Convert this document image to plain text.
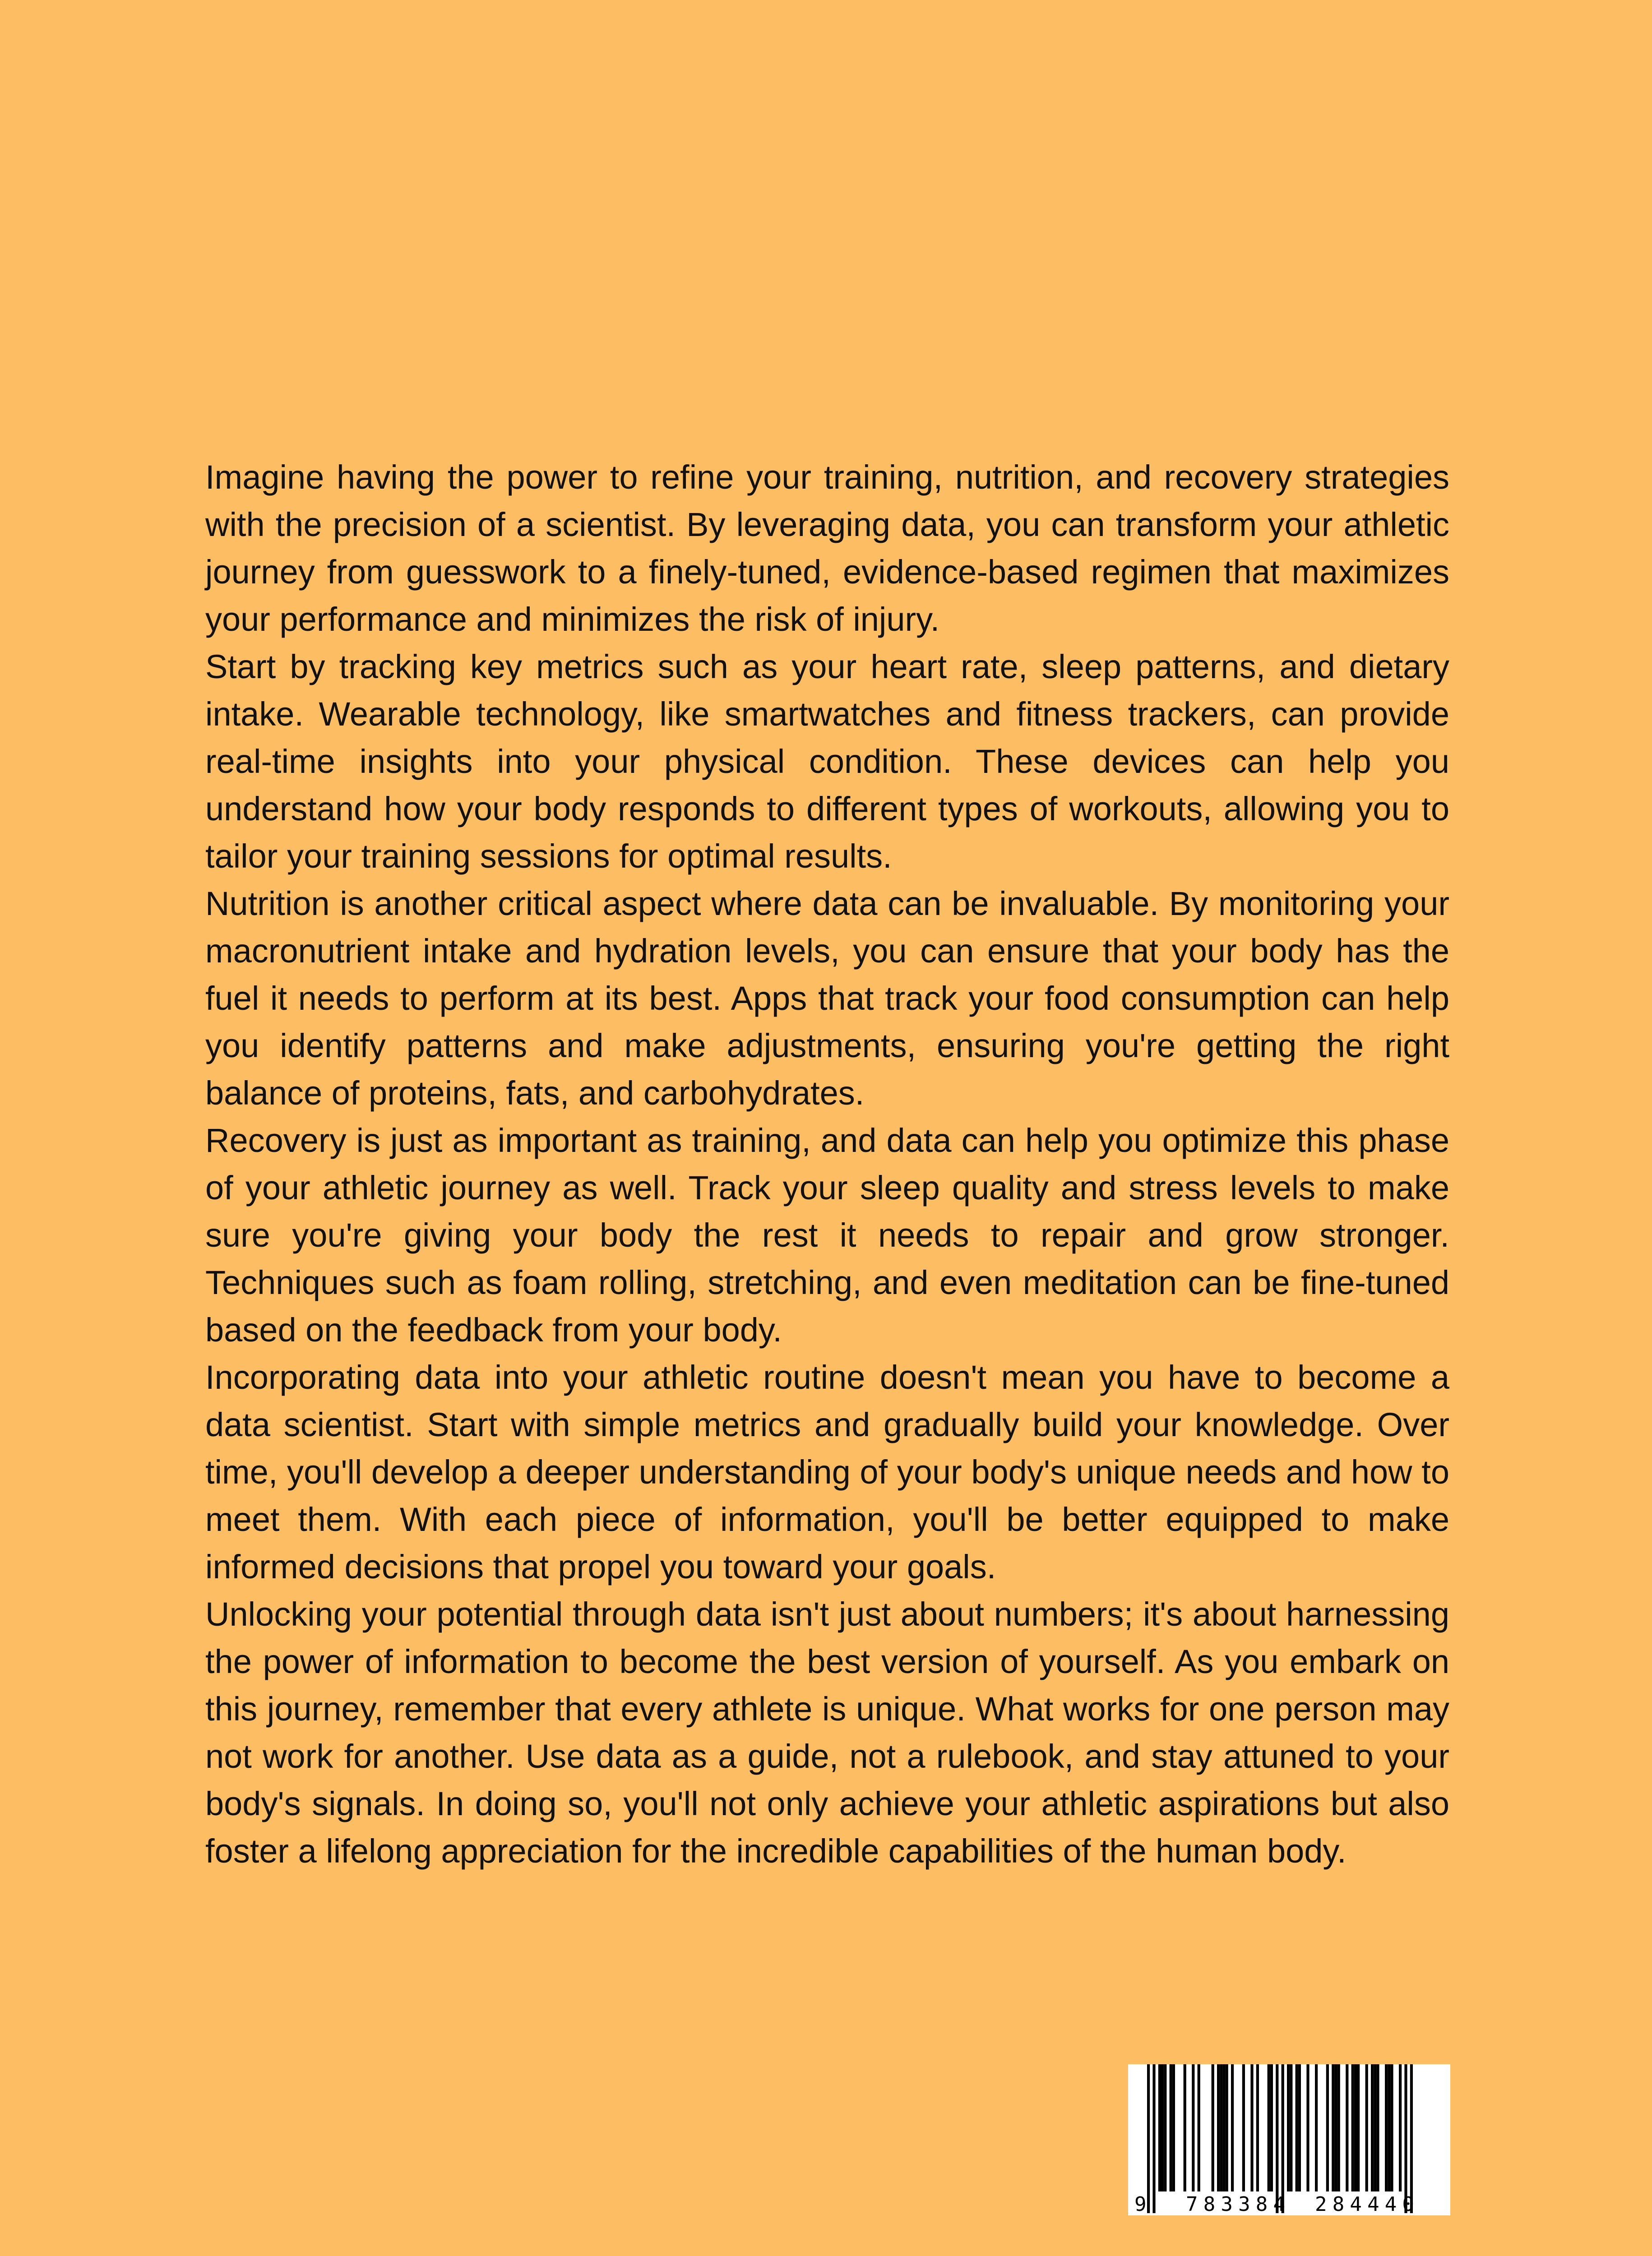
Imagine having the power to refine your training, nutrition, and recovery strategies with the precision of a scientist. By leveraging data, you can transform your athletic journey from guesswork to a finely-tuned, evidence-based regimen that maximizes your performance and minimizes the risk of injury.

Start by tracking key metrics such as your heart rate, sleep patterns, and dietary intake. Wearable technology, like smartwatches and fitness trackers, can provide real-time insights into your physical condition. These devices can help you understand how your body responds to different types of workouts, allowing you to tailor your training sessions for optimal results.

Nutrition is another critical aspect where data can be invaluable. By monitoring your macronutrient intake and hydration levels, you can ensure that your body has the fuel it needs to perform at its best. Apps that track your food consumption can help you identify patterns and make adjustments, ensuring you're getting the right balance of proteins, fats, and carbohydrates.

Recovery is just as important as training, and data can help you optimize this phase of your athletic journey as well. Track your sleep quality and stress levels to make sure you're giving your body the rest it needs to repair and grow stronger. Techniques such as foam rolling, stretching, and even meditation can be fine-tuned based on the feedback from your body.

Incorporating data into your athletic routine doesn't mean you have to become a data scientist. Start with simple metrics and gradually build your knowledge. Over time, you'll develop a deeper understanding of your body's unique needs and how to meet them. With each piece of information, you'll be better equipped to make informed decisions that propel you toward your goals.

Unlocking your potential through data isn't just about numbers; it's about harnessing the power of information to become the best version of yourself. As you embark on this journey, remember that every athlete is unique. What works for one person may not work for another. Use data as a guide, not a rulebook, and stay attuned to your body's signals. In doing so, you'll not only achieve your athletic aspirations but also foster a lifelong appreciation for the incredible capabilities of the human body.

9 783384 284440
